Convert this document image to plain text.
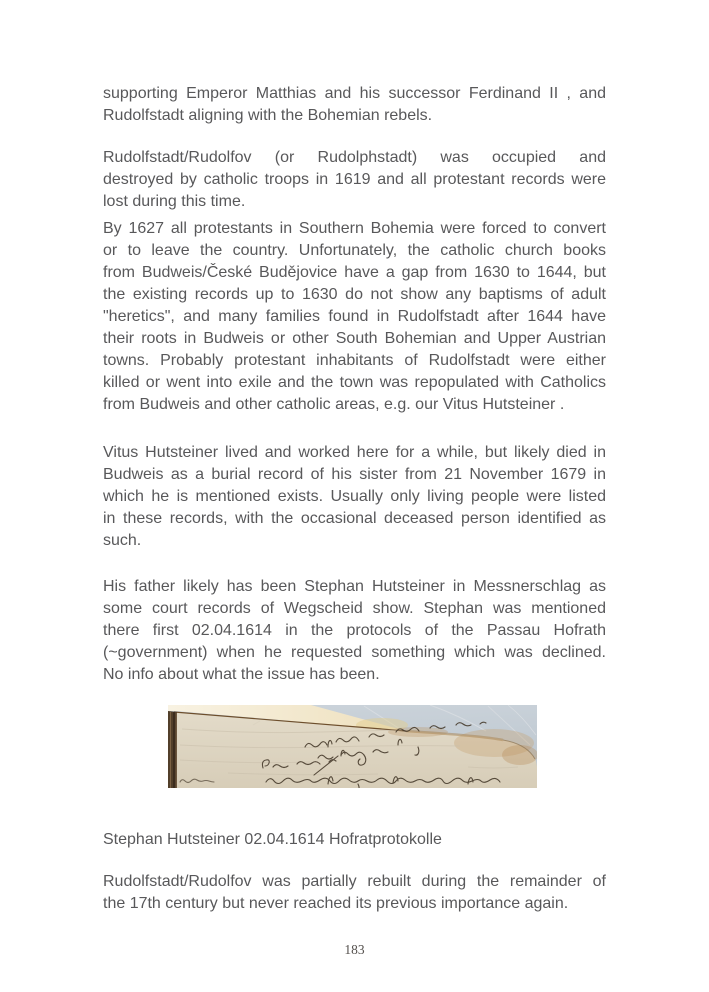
supporting Emperor Matthias and his successor Ferdinand II , and
Rudolfstadt aligning with the Bohemian rebels.
Rudolfstadt/Rudolfov (or Rudolphstadt) was occupied and
destroyed by catholic troops in 1619 and all protestant records were
lost during this time.
By 1627 all protestants in Southern Bohemia were forced to convert
or to leave the country. Unfortunately, the catholic church books
from Budweis/České Budějovice have a gap from 1630 to 1644, but
the existing records up to 1630 do not show any baptisms of adult
"heretics", and many families found in Rudolfstadt after 1644 have
their roots in Budweis or other South Bohemian and Upper Austrian
towns. Probably protestant inhabitants of Rudolfstadt were either
killed or went into exile and the town was repopulated with Catholics
from Budweis and other catholic areas, e.g. our Vitus Hutsteiner .
Vitus Hutsteiner lived and worked here for a while, but likely died in
Budweis as a burial record of his sister from 21 November 1679 in
which he is mentioned exists. Usually only living people were listed
in these records, with the occasional deceased person identified as
such.
His father likely has been Stephan Hutsteiner in Messnerschlag as
some court records of Wegscheid show. Stephan was mentioned
there first 02.04.1614 in the protocols of the Passau Hofrath
(~government) when he requested something which was declined.
No info about what the issue has been.
Stephan Hutsteiner 02.04.1614 Hofratprotokolle
Rudolfstadt/Rudolfov was partially rebuilt during the remainder of
the 17th century but never reached its previous importance again.
183
